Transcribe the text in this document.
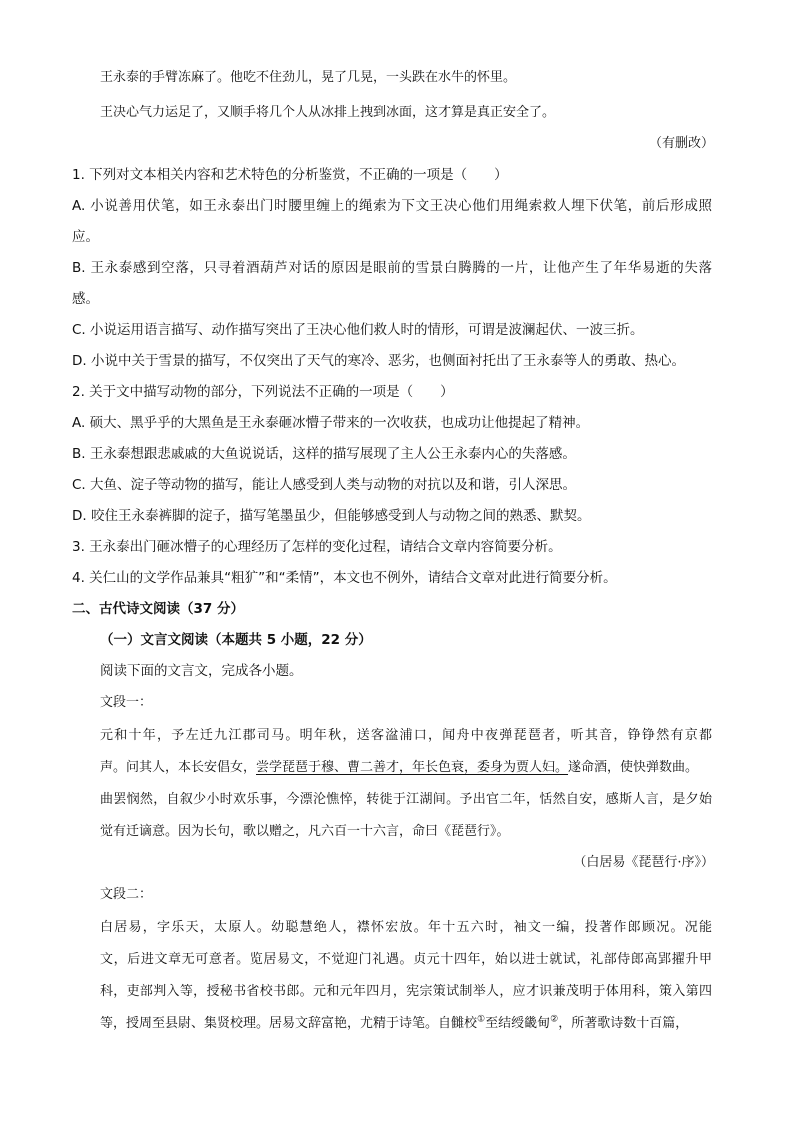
王永泰的手臂冻麻了。他吃不住劲儿，晃了几晃，一头跌在水牛的怀里。
王决心气力运足了，又顺手将几个人从冰排上拽到冰面，这才算是真正安全了。
（有删改）
1. 下列对文本相关内容和艺术特色的分析鉴赏，不正确的一项是（　　）
A. 小说善用伏笔，如王永泰出门时腰里缠上的绳索为下文王决心他们用绳索救人埋下伏笔，前后形成照
应。
B. 王永泰感到空落，只寻着酒葫芦对话的原因是眼前的雪景白腾腾的一片，让他产生了年华易逝的失落
感。
C. 小说运用语言描写、动作描写突出了王决心他们救人时的情形，可谓是波澜起伏、一波三折。
D. 小说中关于雪景的描写，不仅突出了天气的寒冷、恶劣，也侧面衬托出了王永泰等人的勇敢、热心。
2. 关于文中描写动物的部分，下列说法不正确的一项是（　　）
A. 硕大、黑乎乎的大黑鱼是王永泰砸冰懵子带来的一次收获，也成功让他提起了精神。
B. 王永泰想跟悲戚戚的大鱼说说话，这样的描写展现了主人公王永泰内心的失落感。
C. 大鱼、淀子等动物的描写，能让人感受到人类与动物的对抗以及和谐，引人深思。
D. 咬住王永泰裤脚的淀子，描写笔墨虽少，但能够感受到人与动物之间的熟悉、默契。
3. 王永泰出门砸冰懵子的心理经历了怎样的变化过程，请结合文章内容简要分析。
4. 关仁山的文学作品兼具“粗犷”和“柔情”，本文也不例外，请结合文章对此进行简要分析。
二、古代诗文阅读（37 分）
（一）文言文阅读（本题共 5 小题，22 分）
阅读下面的文言文，完成各小题。
文段一：
元和十年，予左迁九江郡司马。明年秋，送客湓浦口，闻舟中夜弹琵琶者，听其音，铮铮然有京都
声。问其人，本长安倡女，尝学琵琶于穆、曹二善才，年长色衰，委身为贾人妇。遂命酒，使快弹数曲。
曲罢悯然，自叙少小时欢乐事，今漂沦憔悴，转徙于江湖间。予出官二年，恬然自安，感斯人言，是夕始
觉有迁谪意。因为长句，歌以赠之，凡六百一十六言，命曰《琵琶行》。
（白居易《琵琶行·序》）
文段二：
白居易，字乐天，太原人。幼聪慧绝人，襟怀宏放。年十五六时，袖文一编，投著作郎顾况。况能
文，后进文章无可意者。览居易文，不觉迎门礼遇。贞元十四年，始以进士就试，礼部侍郎高郢擢升甲
科，吏部判入等，授秘书省校书郎。元和元年四月，宪宗策试制举人，应才识兼茂明于体用科，策入第四
等，授周至县尉、集贤校理。居易文辞富艳，尤精于诗笔。自雠校①至结绶畿甸②，所著歌诗数十百篇，
